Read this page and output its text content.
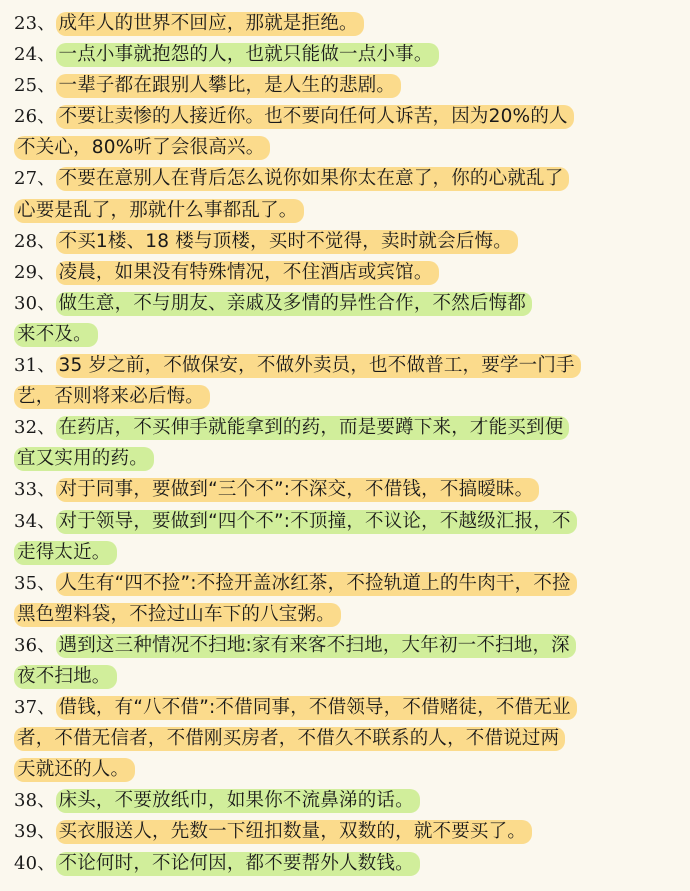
23、 成年人的世界不回应，那就是拒绝。
24、 一点小事就抱怨的人，也就只能做一点小事。
25、 一辈子都在跟别人攀比，是人生的悲剧。
26、 不要让卖惨的人接近你。也不要向任何人诉苦，因为20%的人
不关心，80%听了会很高兴。
27、 不要在意别人在背后怎么说你如果你太在意了，你的心就乱了
心要是乱了，那就什么事都乱了。
28、 不买1楼、18 楼与顶楼，买时不觉得，卖时就会后悔。
29、 凌晨，如果没有特殊情况，不住酒店或宾馆。
30、 做生意，不与朋友、亲戚及多情的异性合作，不然后悔都
来不及。
31、 35 岁之前，不做保安，不做外卖员，也不做普工，要学一门手
艺，否则将来必后悔。
32、 在药店，不买伸手就能拿到的药，而是要蹲下来，才能买到便
宜又实用的药。
33、 对于同事，要做到“三个不”:不深交，不借钱，不搞暧昧。
34、 对于领导，要做到“四个不”:不顶撞，不议论，不越级汇报，不
走得太近。
35、 人生有“四不捡”:不捡开盖冰红茶，不捡轨道上的牛肉干，不捡
黑色塑料袋，不捡过山车下的八宝粥。
36、 遇到这三种情况不扫地:家有来客不扫地，大年初一不扫地，深
夜不扫地。
37、 借钱，有“八不借”:不借同事，不借领导，不借赌徒，不借无业
者，不借无信者，不借刚买房者，不借久不联系的人，不借说过两
天就还的人。
38、 床头，不要放纸巾，如果你不流鼻涕的话。
39、 买衣服送人，先数一下纽扣数量，双数的，就不要买了。
40、 不论何时，不论何因，都不要帮外人数钱。
